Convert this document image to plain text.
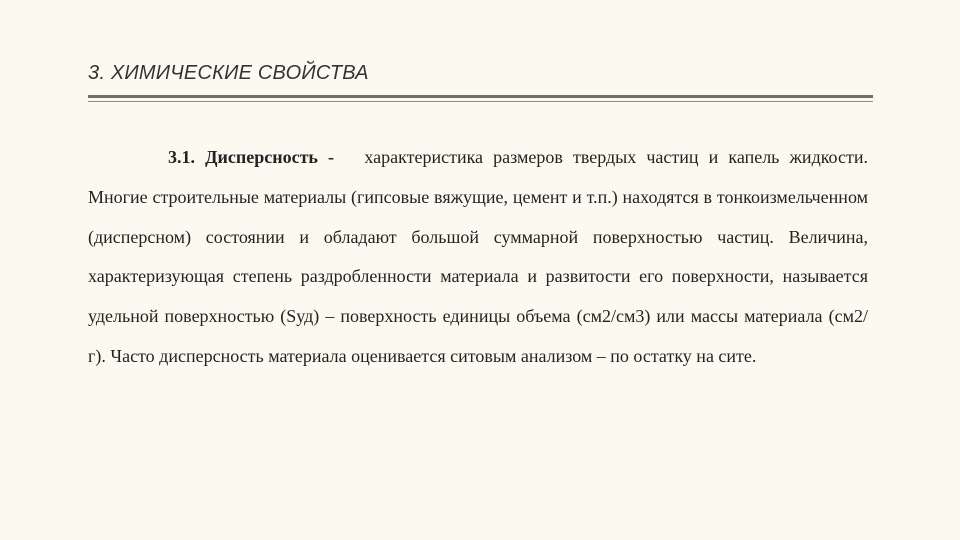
3. ХИМИЧЕСКИЕ СВОЙСТВА

3.1. Дисперсность - характеристика размеров твердых частиц и капель жидкости. Многие строительные материалы (гипсовые вяжущие, цемент и т.п.) находятся в тонкоизмельченном (дисперсном) состоянии и обладают большой суммарной поверхностью частиц. Величина, характеризующая степень раздробленности материала и развитости его поверхности, называется удельной поверхностью (Sуд) – поверхность единицы объема (см2/см3) или массы материала (см2/г). Часто дисперсность материала оценивается ситовым анализом – по остатку на сите.
